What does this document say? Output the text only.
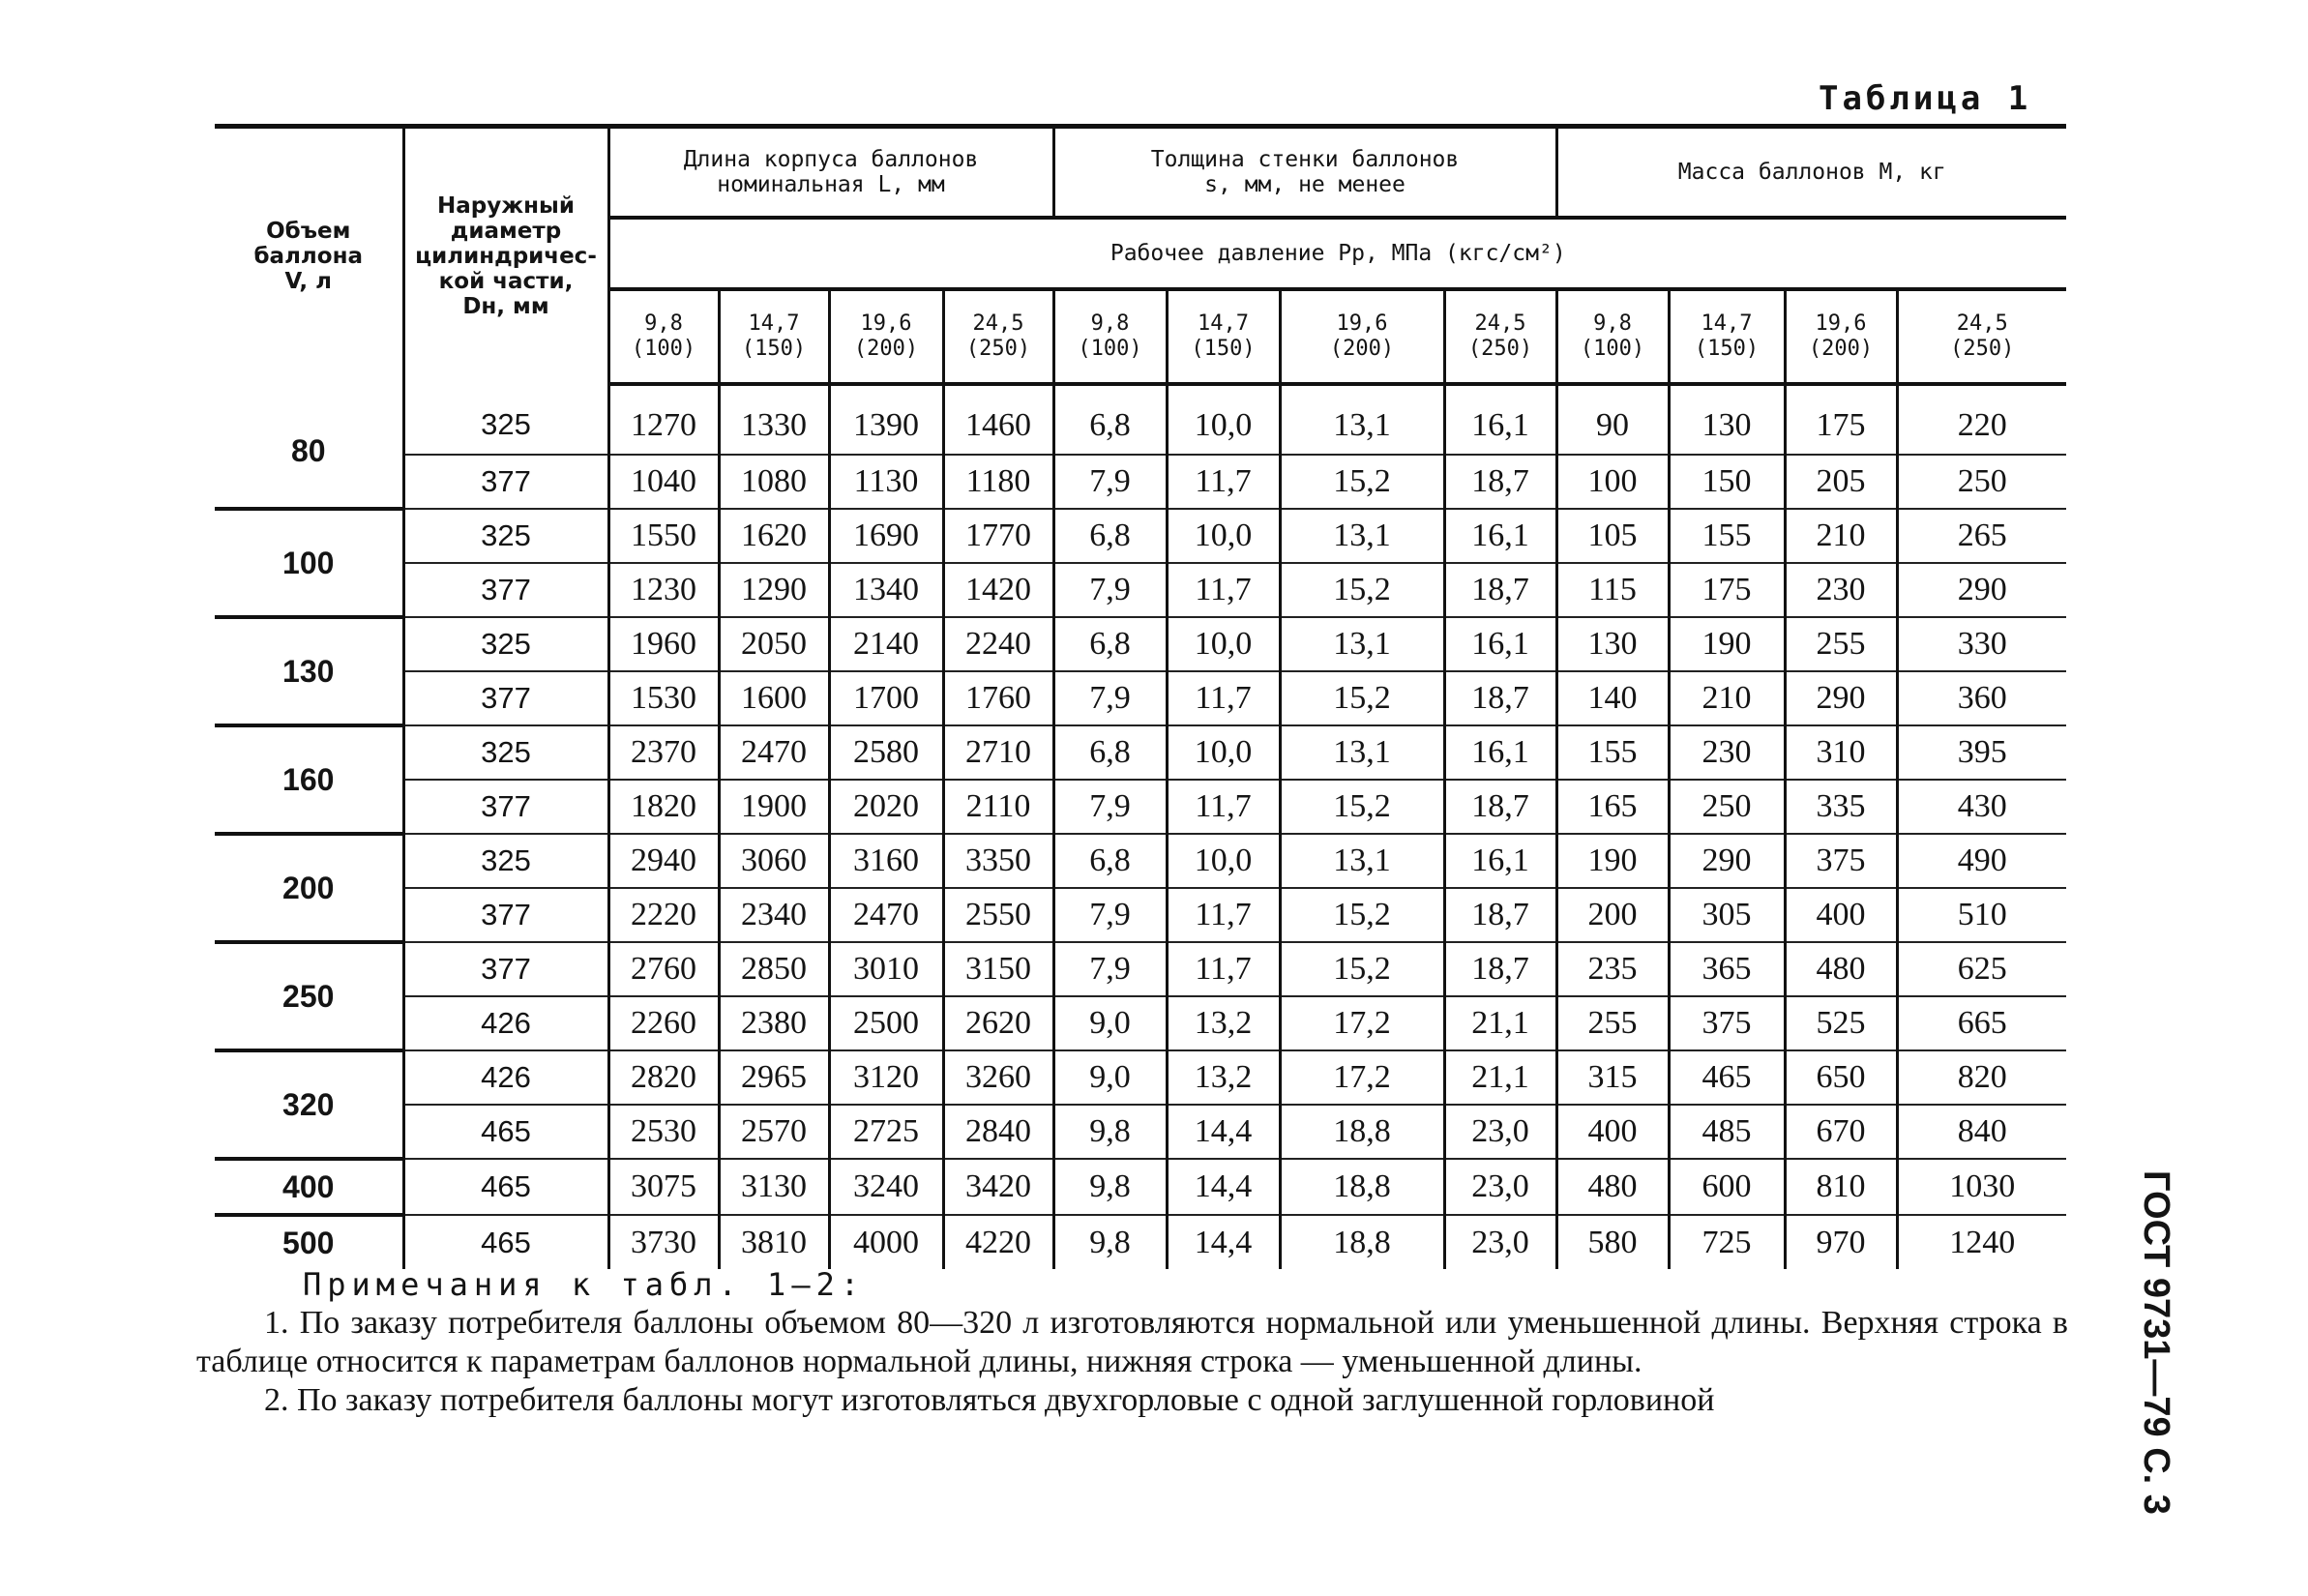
Таблица 1
Объем
баллона
V, л	Наружный
диаметр
цилиндричес-
кой части,
Dн, мм	Длина корпуса баллонов
номинальная L, мм				Толщина стенки баллонов
s, мм, не менее				Масса баллонов M, кг			
		Рабочее давление Pр, МПа (кгс/см²)											
		9,8
(100)	14,7
(150)	19,6
(200)	24,5
(250)	9,8
(100)	14,7
(150)	19,6
(200)	24,5
(250)	9,8
(100)	14,7
(150)	19,6
(200)	24,5
(250)
80	325	1270	1330	1390	1460	6,8	10,0	13,1	16,1	90	130	175	220
	377	1040	1080	1130	1180	7,9	11,7	15,2	18,7	100	150	205	250
100	325	1550	1620	1690	1770	6,8	10,0	13,1	16,1	105	155	210	265
	377	1230	1290	1340	1420	7,9	11,7	15,2	18,7	115	175	230	290
130	325	1960	2050	2140	2240	6,8	10,0	13,1	16,1	130	190	255	330
	377	1530	1600	1700	1760	7,9	11,7	15,2	18,7	140	210	290	360
160	325	2370	2470	2580	2710	6,8	10,0	13,1	16,1	155	230	310	395
	377	1820	1900	2020	2110	7,9	11,7	15,2	18,7	165	250	335	430
200	325	2940	3060	3160	3350	6,8	10,0	13,1	16,1	190	290	375	490
	377	2220	2340	2470	2550	7,9	11,7	15,2	18,7	200	305	400	510
250	377	2760	2850	3010	3150	7,9	11,7	15,2	18,7	235	365	480	625
	426	2260	2380	2500	2620	9,0	13,2	17,2	21,1	255	375	525	665
320	426	2820	2965	3120	3260	9,0	13,2	17,2	21,1	315	465	650	820
	465	2530	2570	2725	2840	9,8	14,4	18,8	23,0	400	485	670	840
400	465	3075	3130	3240	3420	9,8	14,4	18,8	23,0	480	600	810	1030
500	465	3730	3810	4000	4220	9,8	14,4	18,8	23,0	580	725	970	1240
Примечания к табл. 1—2:
1. По заказу потребителя баллоны объемом 80—320 л изготовляются нормальной или уменьшенной длины. Верхняя строка в таблице относится к параметрам баллонов нормальной длины, нижняя строка — уменьшенной длины.
2. По заказу потребителя баллоны могут изготовляться двухгорловые с одной заглушенной горловиной	ГОСТ 9731—79 С. 3
